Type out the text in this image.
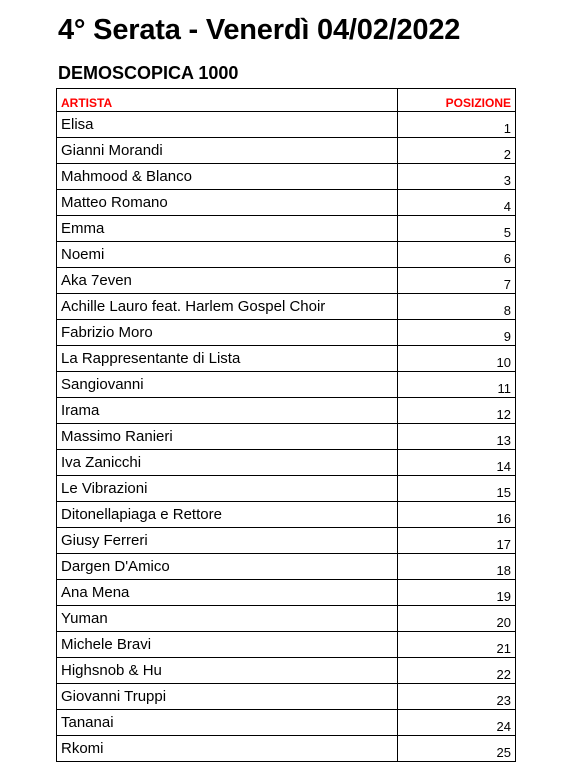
4° Serata - Venerdì 04/02/2022
DEMOSCOPICA 1000
ARTISTA	POSIZIONE
Elisa	1
Gianni Morandi	2
Mahmood & Blanco	3
Matteo Romano	4
Emma	5
Noemi	6
Aka 7even	7
Achille Lauro feat. Harlem Gospel Choir	8
Fabrizio Moro	9
La Rappresentante di Lista	10
Sangiovanni	11
Irama	12
Massimo Ranieri	13
Iva Zanicchi	14
Le Vibrazioni	15
Ditonellapiaga e Rettore	16
Giusy Ferreri	17
Dargen D'Amico	18
Ana Mena	19
Yuman	20
Michele Bravi	21
Highsnob & Hu	22
Giovanni Truppi	23
Tananai	24
Rkomi	25
